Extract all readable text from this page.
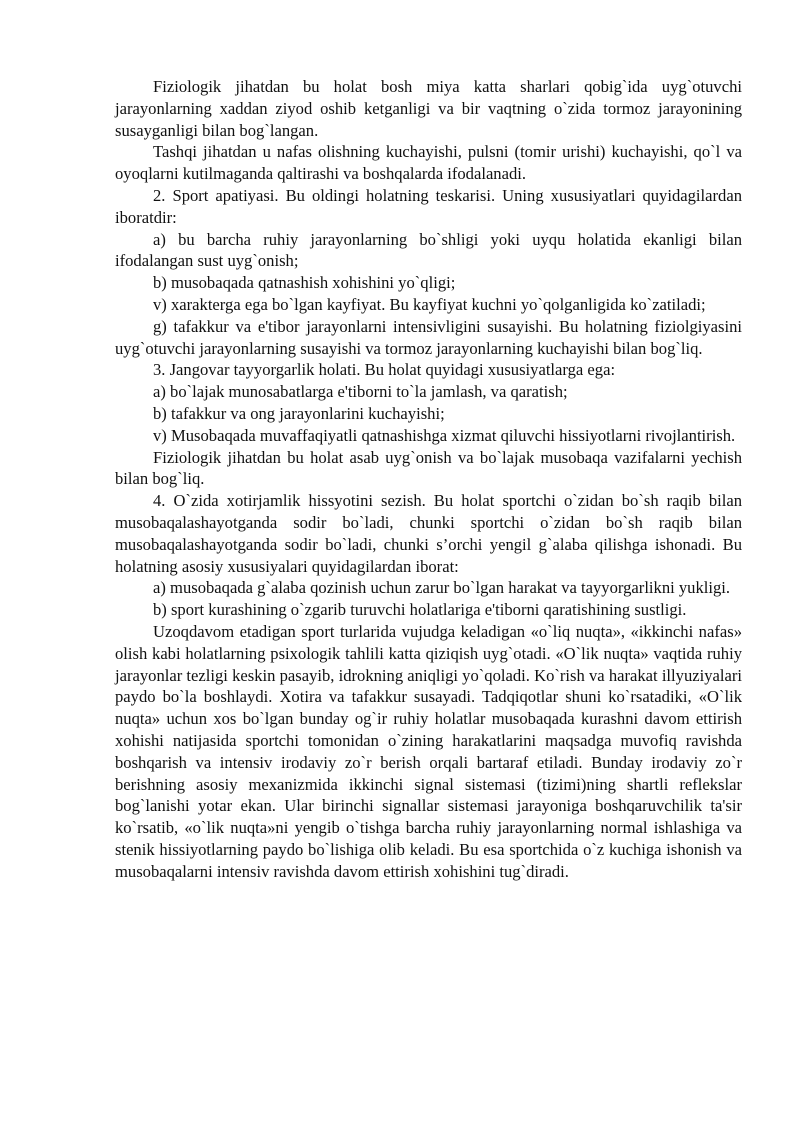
Fiziologik jihatdan bu holat bosh miya katta sharlari qobig`ida uyg`otuvchi jarayonlarning xaddan ziyod oshib ketganligi va bir vaqtning o`zida tormoz jarayonining susayganligi bilan bog`langan.

Tashqi jihatdan u nafas olishning kuchayishi, pulsni (tomir urishi) kuchayishi, qo`l va oyoqlarni kutilmaganda qaltirashi va boshqalarda ifodalanadi.

2. Sport apatiyasi. Bu oldingi holatning teskarisi. Uning xususiyatlari quyidagilardan iboratdir:

a) bu barcha ruhiy jarayonlarning bo`shligi yoki uyqu holatida ekanligi bilan ifodalangan sust uyg`onish;

b) musobaqada qatnashish xohishini yo`qligi;

v) xarakterga ega bo`lgan kayfiyat. Bu kayfiyat kuchni yo`qolganligida ko`zatiladi;

g) tafakkur va e'tibor jarayonlarni intensivligini susayishi. Bu holatning fiziolgiyasini uyg`otuvchi jarayonlarning susayishi va tormoz jarayonlarning kuchayishi bilan bog`liq.

3. Jangovar tayyorgarlik holati. Bu holat quyidagi xususiyatlarga ega:

a) bo`lajak munosabatlarga e'tiborni to`la jamlash, va qaratish;

b) tafakkur va ong jarayonlarini kuchayishi;

v) Musobaqada muvaffaqiyatli qatnashishga xizmat qiluvchi hissiyotlarni rivojlantirish.

Fiziologik jihatdan bu holat asab uyg`onish va bo`lajak musobaqa vazifalarni yechish bilan bog`liq.

4. O`zida xotirjamlik hissyotini sezish. Bu holat sportchi o`zidan bo`sh raqib bilan musobaqalashayotganda sodir bo`ladi, chunki sportchi o`zidan bo`sh raqib bilan musobaqalashayotganda sodir bo`ladi, chunki s’orchi yengil g`alaba qilishga ishonadi. Bu holatning asosiy xususiyalari quyidagilardan iborat:

a) musobaqada g`alaba qozinish uchun zarur bo`lgan harakat va tayyorgarlikni yukligi.

b) sport kurashining o`zgarib turuvchi holatlariga e'tiborni qaratishining sustligi.

Uzoqdavom etadigan sport turlarida vujudga keladigan «o`liq nuqta», «ikkinchi nafas» olish kabi holatlarning psixologik tahlili katta qiziqish uyg`otadi. «O`lik nuqta» vaqtida ruhiy jarayonlar tezligi keskin pasayib, idrokning aniqligi yo`qoladi. Ko`rish va harakat illyuziyalari paydo bo`la boshlaydi. Xotira va tafakkur susayadi. Tadqiqotlar shuni ko`rsatadiki, «O`lik nuqta» uchun xos bo`lgan bunday og`ir ruhiy holatlar musobaqada kurashni davom ettirish xohishi natijasida sportchi tomonidan o`zining harakatlarini maqsadga muvofiq ravishda boshqarish va intensiv irodaviy zo`r berish orqali bartaraf etiladi. Bunday irodaviy zo`r berishning asosiy mexanizmida ikkinchi signal sistemasi (tizimi)ning shartli reflekslar bog`lanishi yotar ekan. Ular birinchi signallar sistemasi jarayoniga boshqaruvchilik ta'sir ko`rsatib, «o`lik nuqta»ni yengib o`tishga barcha ruhiy jarayonlarning normal ishlashiga va stenik hissiyotlarning paydo bo`lishiga olib keladi. Bu esa sportchida o`z kuchiga ishonish va musobaqalarni intensiv ravishda davom ettirish xohishini tug`diradi.
